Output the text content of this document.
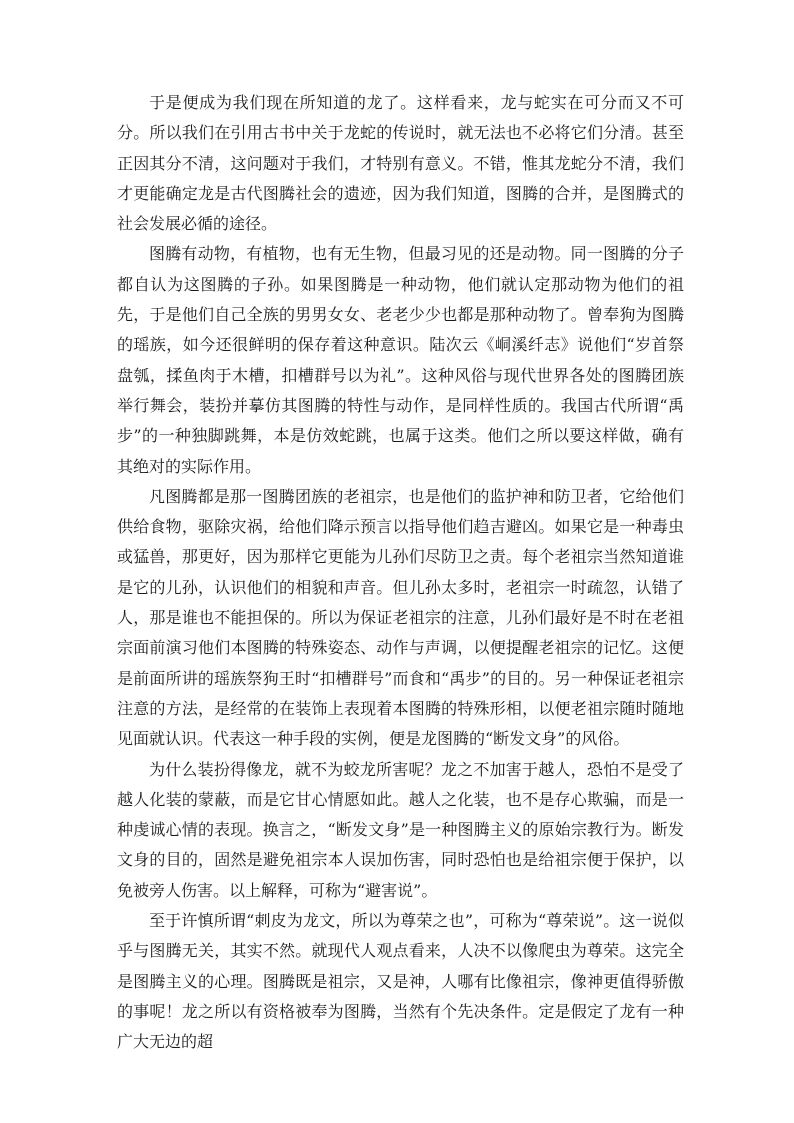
于是便成为我们现在所知道的龙了。这样看来，龙与蛇实在可分而又不可分。所以我们在引用古书中关于龙蛇的传说时，就无法也不必将它们分清。甚至正因其分不清，这问题对于我们，才特别有意义。不错，惟其龙蛇分不清，我们才更能确定龙是古代图腾社会的遗迹，因为我们知道，图腾的合并，是图腾式的社会发展必循的途径。

图腾有动物，有植物，也有无生物，但最习见的还是动物。同一图腾的分子都自认为这图腾的子孙。如果图腾是一种动物，他们就认定那动物为他们的祖先，于是他们自己全族的男男女女、老老少少也都是那种动物了。曾奉狗为图腾的瑶族，如今还很鲜明的保存着这种意识。陆次云《峒溪纤志》说他们“岁首祭盘瓠，揉鱼肉于木槽，扣槽群号以为礼”。这种风俗与现代世界各处的图腾团族举行舞会，装扮并摹仿其图腾的特性与动作，是同样性质的。我国古代所谓“禹步”的一种独脚跳舞，本是仿效蛇跳，也属于这类。他们之所以要这样做，确有其绝对的实际作用。

凡图腾都是那一图腾团族的老祖宗，也是他们的监护神和防卫者，它给他们供给食物，驱除灾祸，给他们降示预言以指导他们趋吉避凶。如果它是一种毒虫或猛兽，那更好，因为那样它更能为儿孙们尽防卫之责。每个老祖宗当然知道谁是它的儿孙，认识他们的相貌和声音。但儿孙太多时，老祖宗一时疏忽，认错了人，那是谁也不能担保的。所以为保证老祖宗的注意，儿孙们最好是不时在老祖宗面前演习他们本图腾的特殊姿态、动作与声调，以便提醒老祖宗的记忆。这便是前面所讲的瑶族祭狗王时“扣槽群号”而食和“禹步”的目的。另一种保证老祖宗注意的方法，是经常的在装饰上表现着本图腾的特殊形相，以便老祖宗随时随地见面就认识。代表这一种手段的实例，便是龙图腾的“断发文身”的风俗。

为什么装扮得像龙，就不为蛟龙所害呢？龙之不加害于越人，恐怕不是受了越人化装的蒙蔽，而是它甘心情愿如此。越人之化装，也不是存心欺骗，而是一种虔诚心情的表现。换言之，“断发文身”是一种图腾主义的原始宗教行为。断发文身的目的，固然是避免祖宗本人误加伤害，同时恐怕也是给祖宗便于保护，以免被旁人伤害。以上解释，可称为“避害说”。

至于许慎所谓“刺皮为龙文，所以为尊荣之也”，可称为“尊荣说”。这一说似乎与图腾无关，其实不然。就现代人观点看来，人决不以像爬虫为尊荣。这完全是图腾主义的心理。图腾既是祖宗，又是神，人哪有比像祖宗，像神更值得骄傲的事呢！龙之所以有资格被奉为图腾，当然有个先决条件。定是假定了龙有一种广大无边的超
